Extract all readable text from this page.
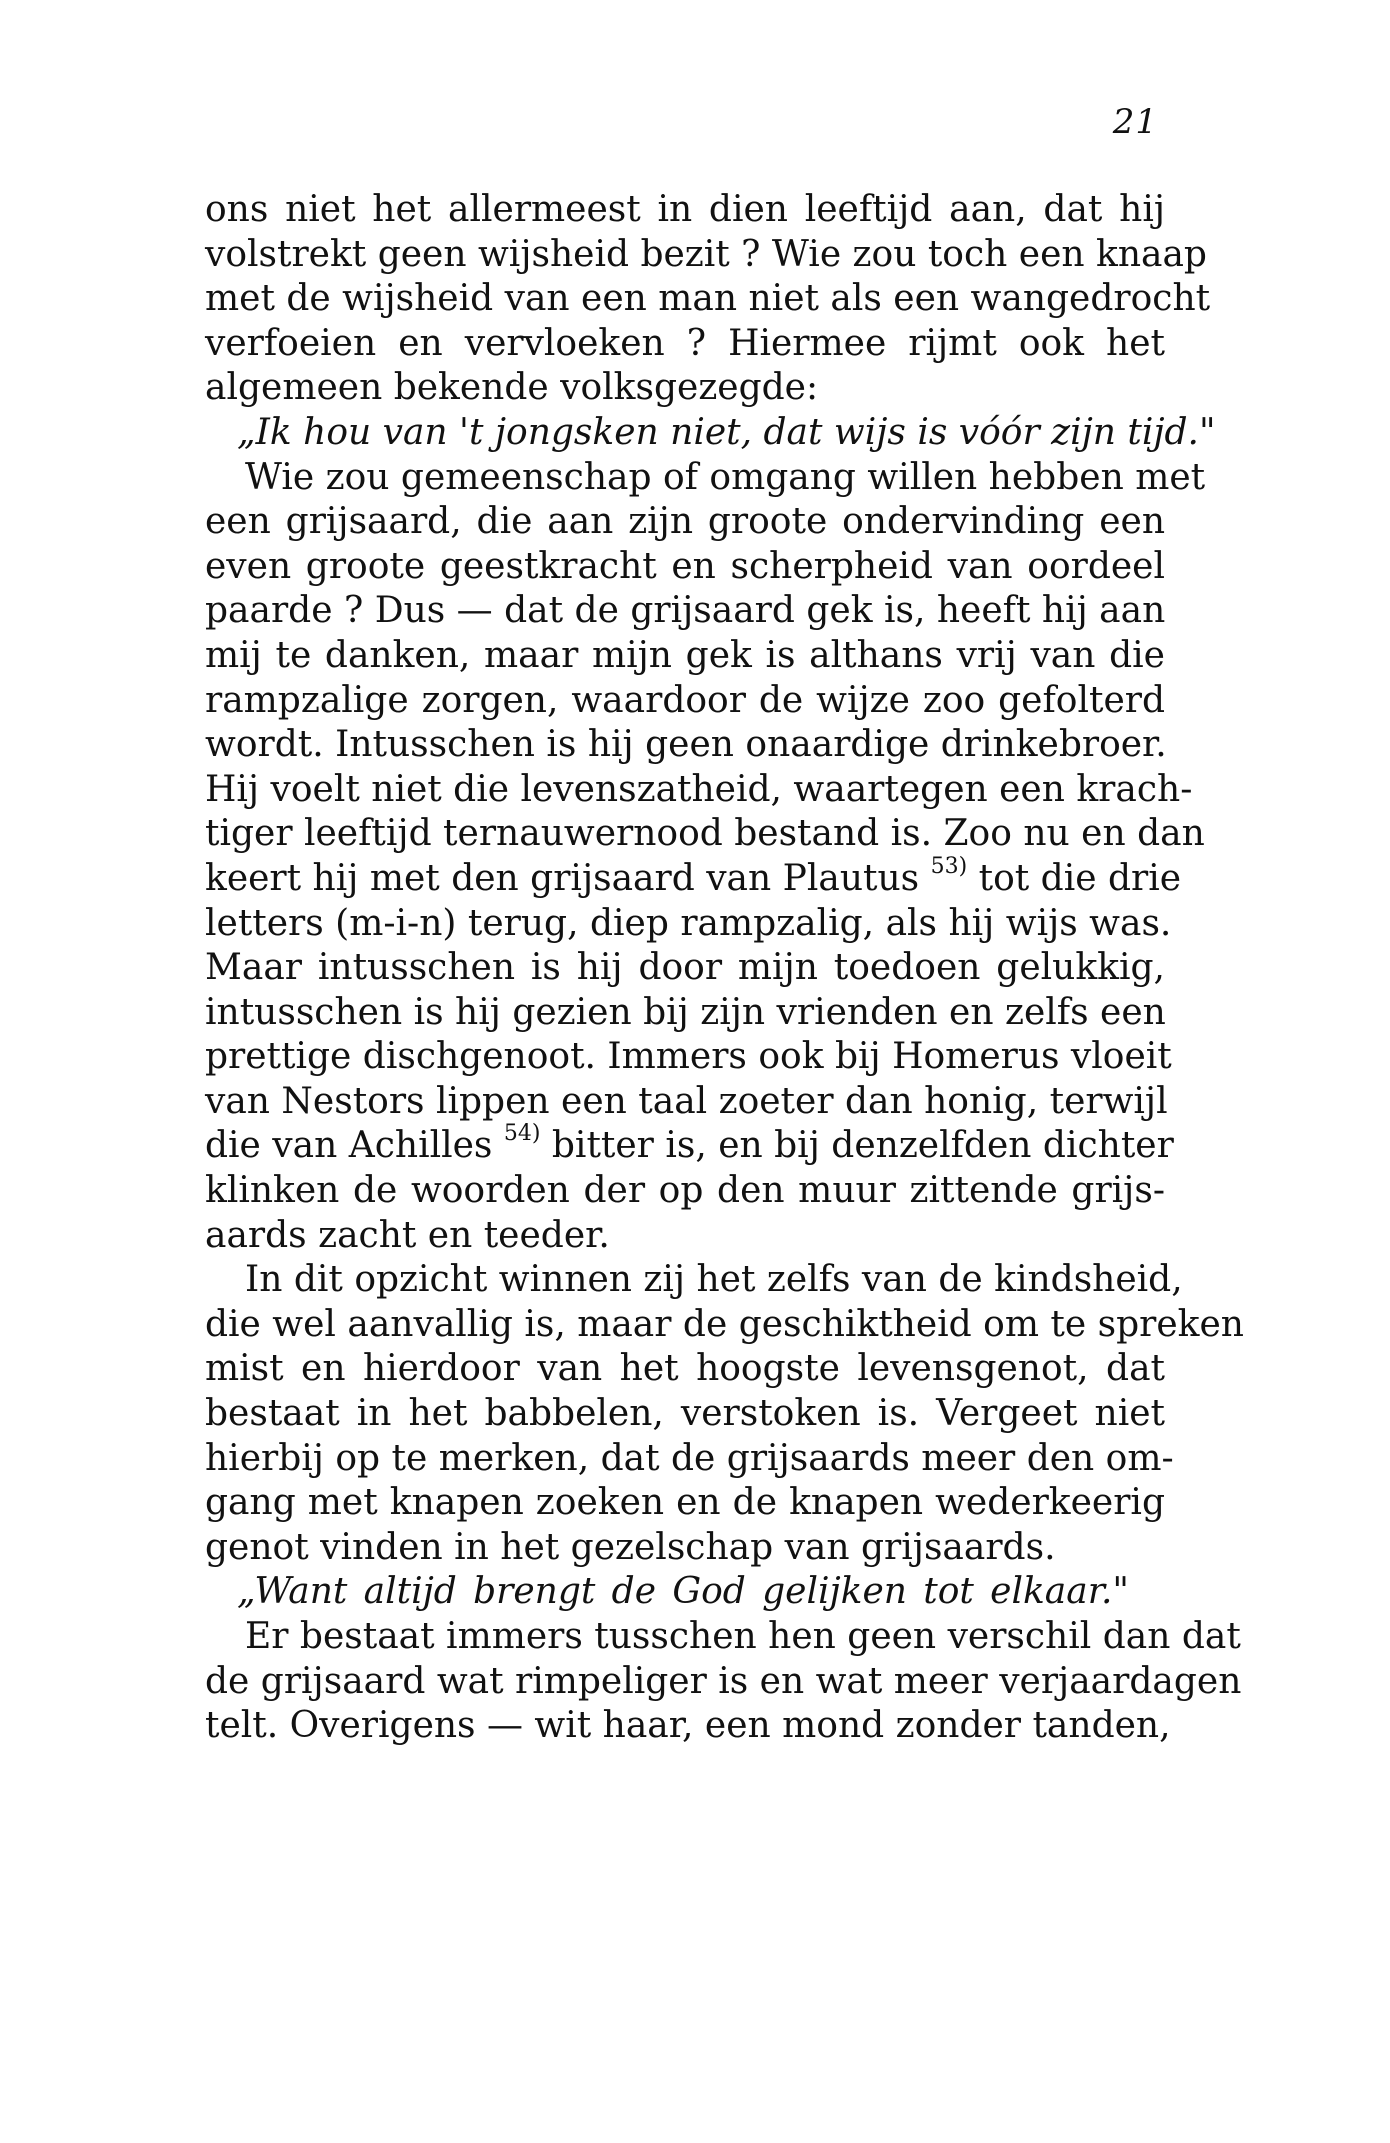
21
ons niet het allermeest in dien leeftijd aan, dat hij
volstrekt geen wijsheid bezit ? Wie zou toch een knaap
met de wijsheid van een man niet als een wangedrocht
verfoeien en vervloeken ? Hiermee rijmt ook het
algemeen bekende volksgezegde:
„Ik hou van 't jongsken niet, dat wijs is vóór zijn tijd."
Wie zou gemeenschap of omgang willen hebben met
een grijsaard, die aan zijn groote ondervinding een
even groote geestkracht en scherpheid van oordeel
paarde ? Dus — dat de grijsaard gek is, heeft hij aan
mij te danken, maar mijn gek is althans vrij van die
rampzalige zorgen, waardoor de wijze zoo gefolterd
wordt. Intusschen is hij geen onaardige drinkebroer.
Hij voelt niet die levenszatheid, waartegen een krach-
tiger leeftijd ternauwernood bestand is. Zoo nu en dan
keert hij met den grijsaard van Plautus $^{53)}$ tot die drie
letters (m-i-n) terug, diep rampzalig, als hij wijs was.
Maar intusschen is hij door mijn toedoen gelukkig,
intusschen is hij gezien bij zijn vrienden en zelfs een
prettige dischgenoot. Immers ook bij Homerus vloeit
van Nestors lippen een taal zoeter dan honig, terwijl
die van Achilles $^{54)}$ bitter is, en bij denzelfden dichter
klinken de woorden der op den muur zittende grijs-
aards zacht en teeder.
In dit opzicht winnen zij het zelfs van de kindsheid,
die wel aanvallig is, maar de geschiktheid om te spreken
mist en hierdoor van het hoogste levensgenot, dat
bestaat in het babbelen, verstoken is. Vergeet niet
hierbij op te merken, dat de grijsaards meer den om-
gang met knapen zoeken en de knapen wederkeerig
genot vinden in het gezelschap van grijsaards.
„Want altijd brengt de God gelijken tot elkaar."
Er bestaat immers tusschen hen geen verschil dan dat
de grijsaard wat rimpeliger is en wat meer verjaardagen
telt. Overigens — wit haar, een mond zonder tanden,
